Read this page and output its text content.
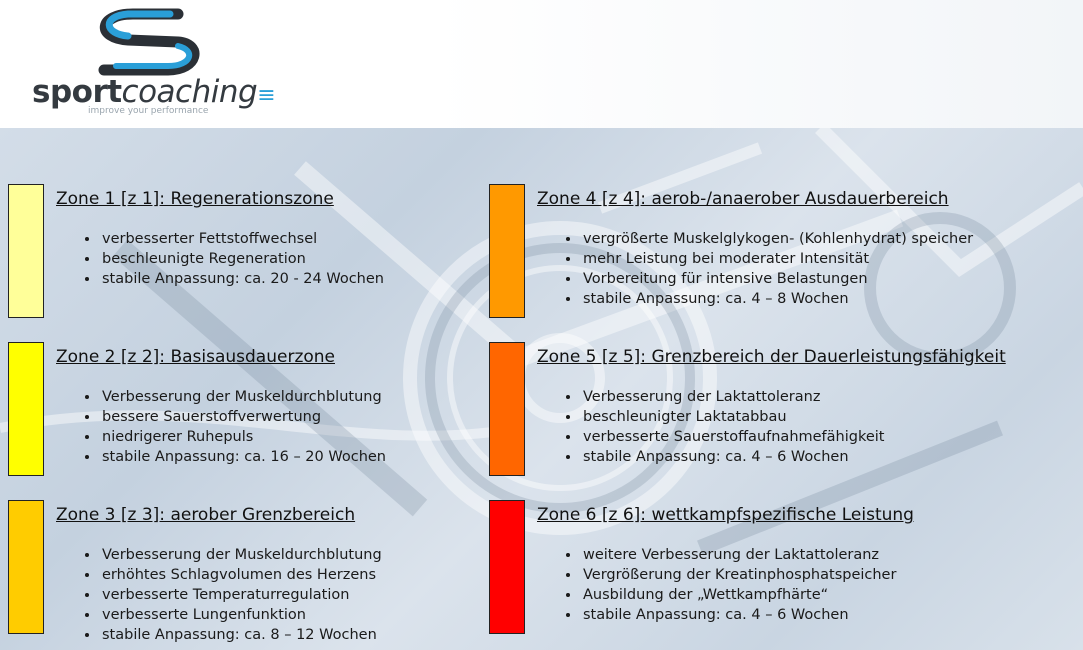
sportcoaching≡
improve your performance
Zone 1 [z 1]: Regenerationszone
• verbesserter Fettstoffwechsel
• beschleunigte Regeneration
• stabile Anpassung: ca. 20 - 24 Wochen
Zone 2 [z 2]: Basisausdauerzone
• Verbesserung der Muskeldurchblutung
• bessere Sauerstoffverwertung
• niedrigerer Ruhepuls
• stabile Anpassung: ca. 16 – 20 Wochen
Zone 3 [z 3]: aerober Grenzbereich
• Verbesserung der Muskeldurchblutung
• erhöhtes Schlagvolumen des Herzens
• verbesserte Temperaturregulation
• verbesserte Lungenfunktion
• stabile Anpassung: ca. 8 – 12 Wochen
Zone 4 [z 4]: aerob-/anaerober Ausdauerbereich
• vergrößerte Muskelglykogen- (Kohlenhydrat) speicher
• mehr Leistung bei moderater Intensität
• Vorbereitung für intensive Belastungen
• stabile Anpassung: ca. 4 – 8 Wochen
Zone 5 [z 5]: Grenzbereich der Dauerleistungsfähigkeit
• Verbesserung der Laktattoleranz
• beschleunigter Laktatabbau
• verbesserte Sauerstoffaufnahmefähigkeit
• stabile Anpassung: ca. 4 – 6 Wochen
Zone 6 [z 6]: wettkampfspezifische Leistung
• weitere Verbesserung der Laktattoleranz
• Vergrößerung der Kreatinphosphatspeicher
• Ausbildung der „Wettkampfhärte“
• stabile Anpassung: ca. 4 – 6 Wochen
